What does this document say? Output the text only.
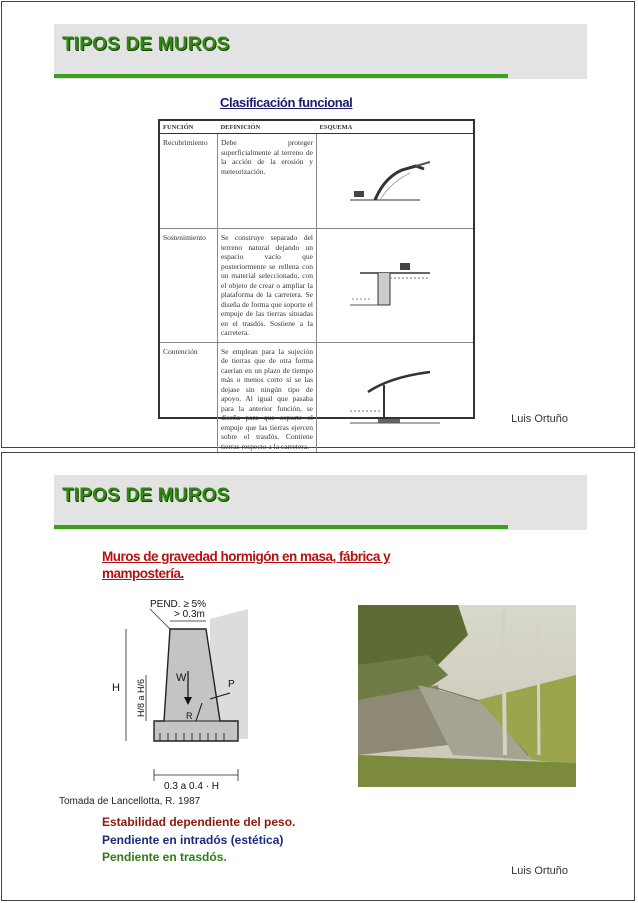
TIPOS DE MUROS
Clasificación funcional
FUNCIÓN	DEFINICIÓN	ESQUEMA
Recubrimiento	Debe proteger superficialmente al terreno de la acción de la erosión y meteorización.	
Sostenimiento	Se construye separado del terreno natural dejando un espacio vacío que posteriormente se rellena con un material seleccionado, con el objeto de crear o ampliar la plataforma de la carretera. Se diseña de forma que soporte el empuje de las tierras situadas en el trasdós. Sostiene a la carretera.	
Contención	Se emplean para la sujeción de tierras que de otra forma caerían en un plazo de tiempo más o menos corto si se las dejase sin ningún tipo de apoyo. Al igual que pasaba para la anterior función, se diseña para que soporte el empuje que las tierras ejercen sobre el trasdós. Contiene tierras respecto a la carretera.	
Luis Ortuño
TIPOS DE MUROS
Muros de gravedad hormigón en masa, fábrica y mampostería.
> 0.3m
PEND. ≥ 5%
H H/8 a H/6
W
P
R
0.3 a 0.4 · H
Tomada de Lancellotta, R. 1987
Estabilidad dependiente del peso.
Pendiente en intradós (estética)
Pendiente en trasdós.
Luis Ortuño
